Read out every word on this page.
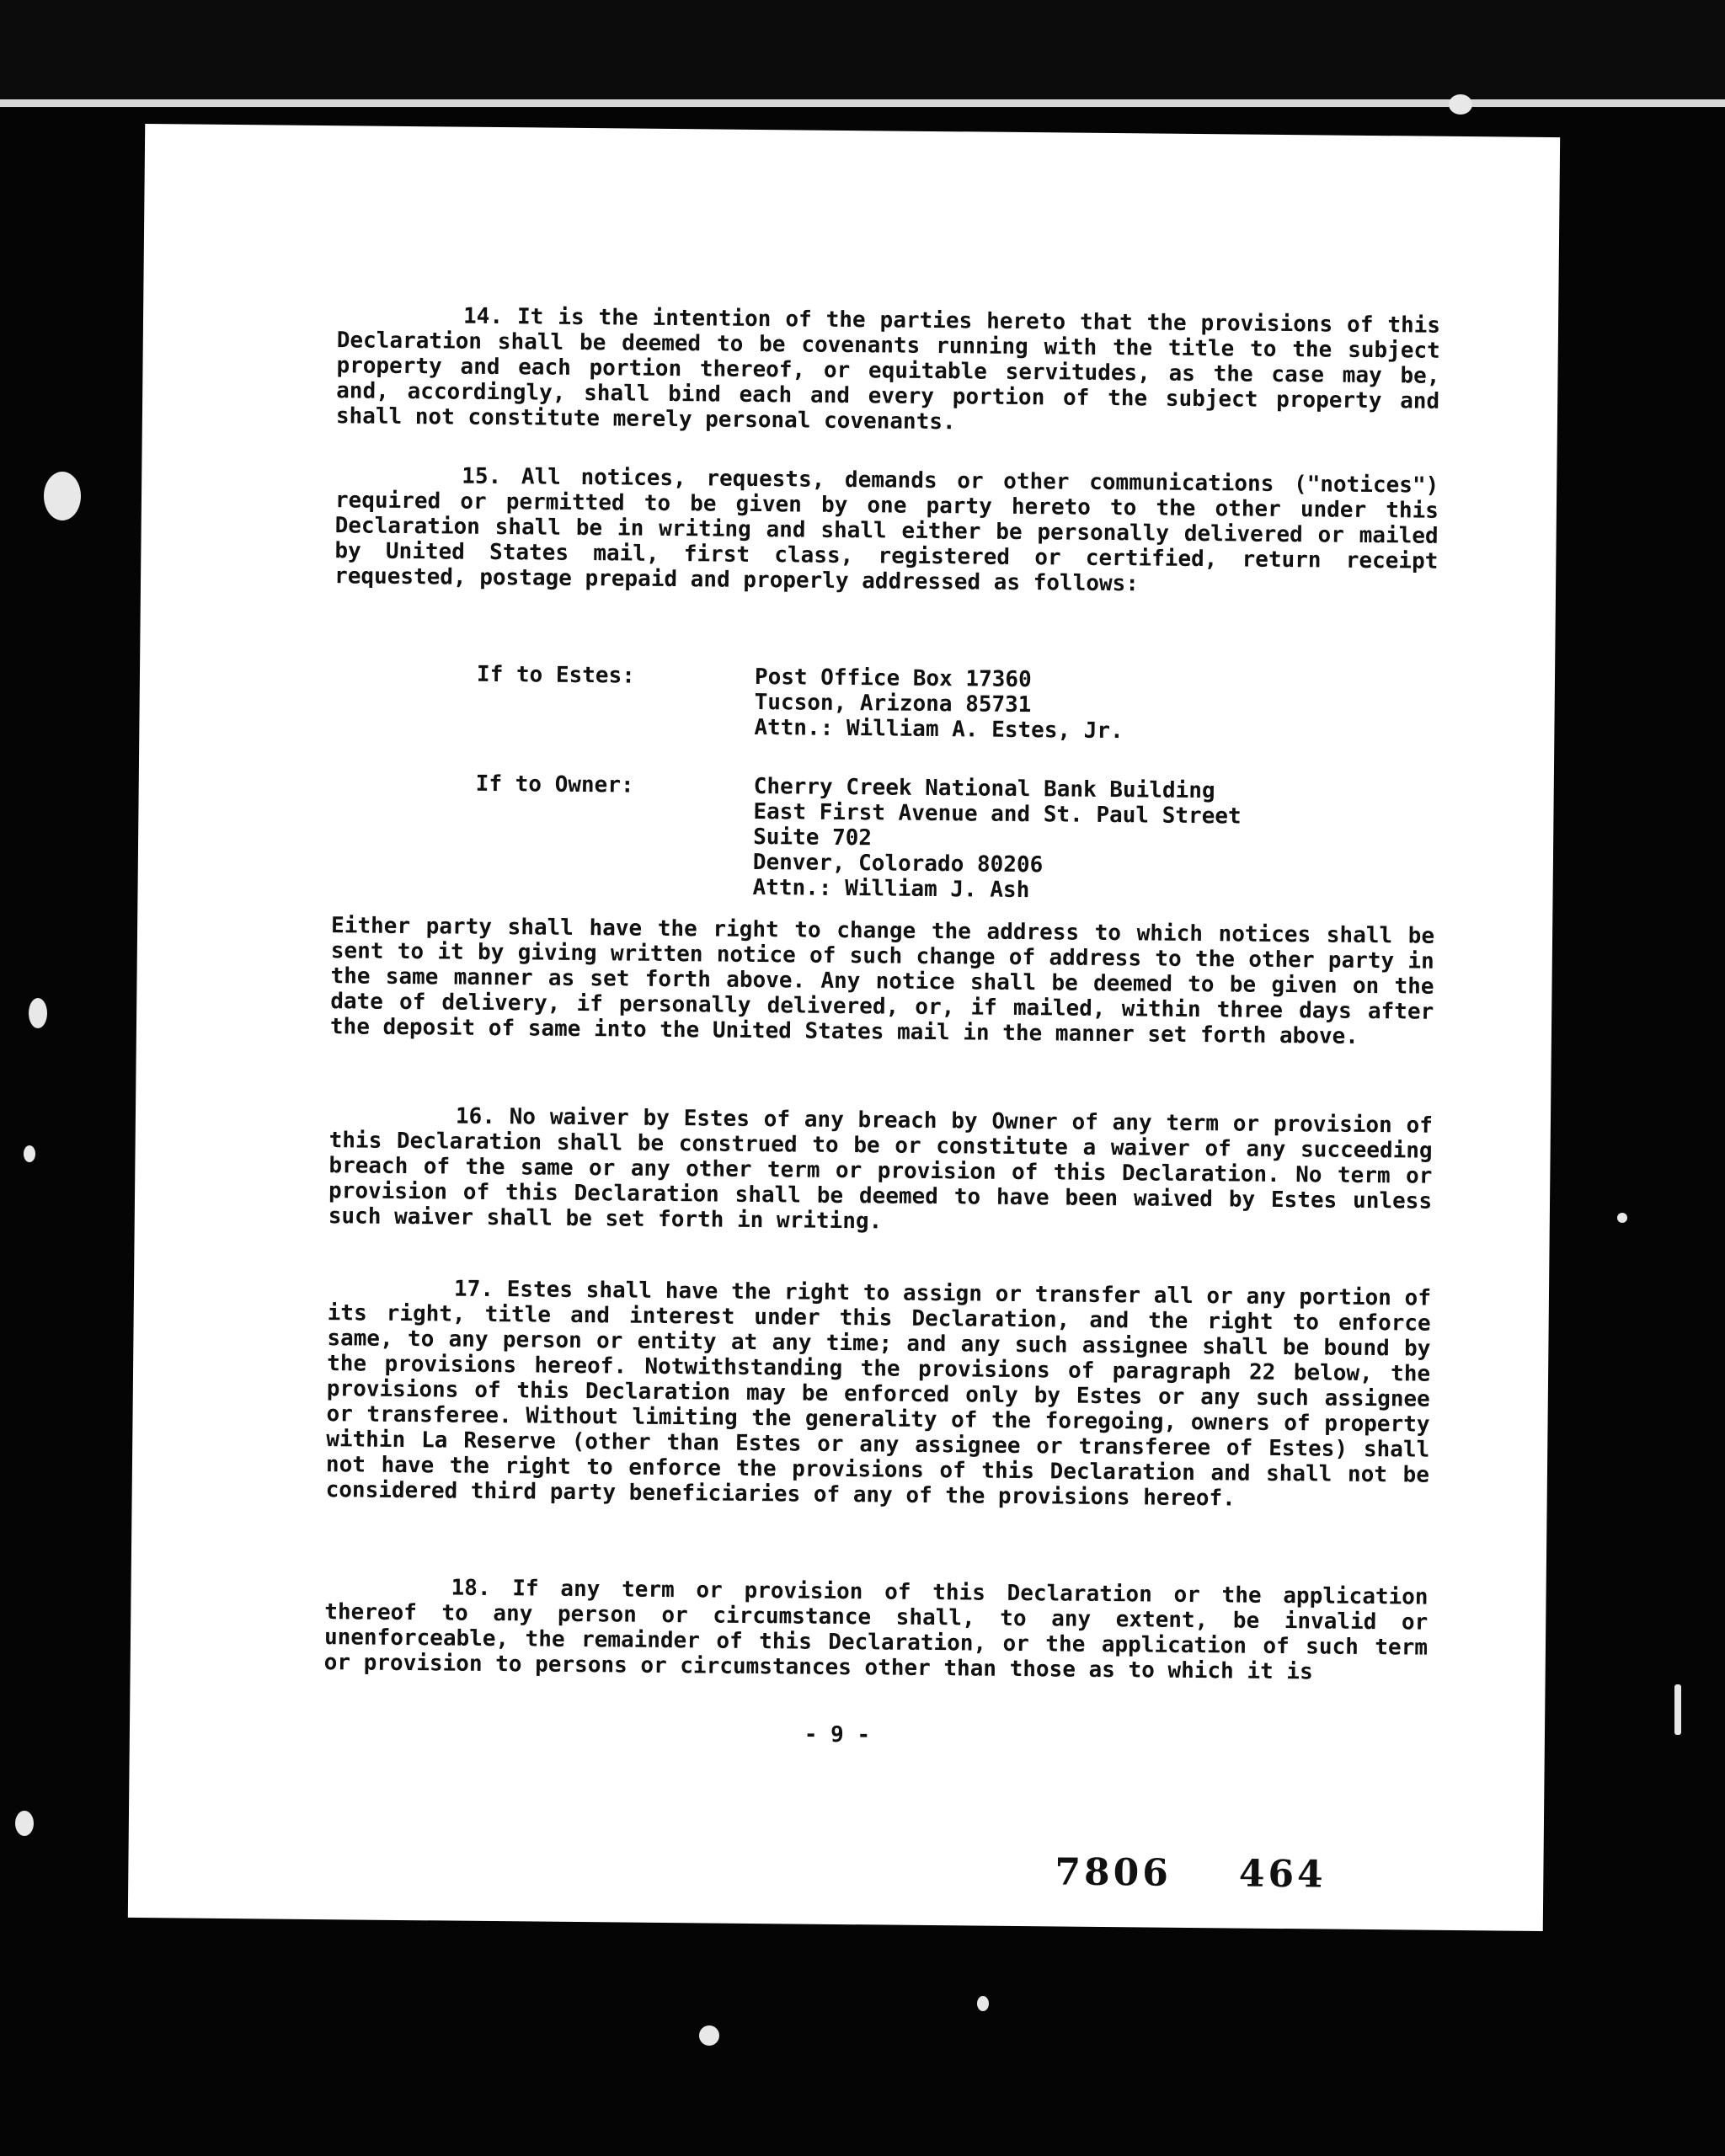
14. It is the intention of the parties hereto that the provisions of this Declaration shall be deemed to be covenants running with the title to the subject property and each portion thereof, or equitable servitudes, as the case may be, and, accordingly, shall bind each and every portion of the subject property and shall not constitute merely personal covenants.

15. All notices, requests, demands or other communications ("notices") required or permitted to be given by one party hereto to the other under this Declaration shall be in writing and shall either be personally delivered or mailed by United States mail, first class, registered or certified, return receipt requested, postage prepaid and properly addressed as follows:

If to Estes:	Post Office Box 17360
Tucson, Arizona 85731
Attn.: William A. Estes, Jr.
If to Owner:	Cherry Creek National Bank Building
East First Avenue and St. Paul Street
Suite 702
Denver, Colorado 80206
Attn.: William J. Ash

Either party shall have the right to change the address to which notices shall be sent to it by giving written notice of such change of address to the other party in the same manner as set forth above. Any notice shall be deemed to be given on the date of delivery, if personally delivered, or, if mailed, within three days after the deposit of same into the United States mail in the manner set forth above.

16. No waiver by Estes of any breach by Owner of any term or provision of this Declaration shall be construed to be or constitute a waiver of any succeeding breach of the same or any other term or provision of this Declaration. No term or provision of this Declaration shall be deemed to have been waived by Estes unless such waiver shall be set forth in writing.

17. Estes shall have the right to assign or transfer all or any portion of its right, title and interest under this Declaration, and the right to enforce same, to any person or entity at any time; and any such assignee shall be bound by the provisions hereof. Notwithstanding the provisions of paragraph 22 below, the provisions of this Declaration may be enforced only by Estes or any such assignee or transferee. Without limiting the generality of the foregoing, owners of property within La Reserve (other than Estes or any assignee or transferee of Estes) shall not have the right to enforce the provisions of this Declaration and shall not be considered third party beneficiaries of any of the provisions hereof.

18. If any term or provision of this Declaration or the application thereof to any person or circumstance shall, to any extent, be invalid or unenforceable, the remainder of this Declaration, or the application of such term or provision to persons or circumstances other than those as to which it is

- 9 -
7806 464
